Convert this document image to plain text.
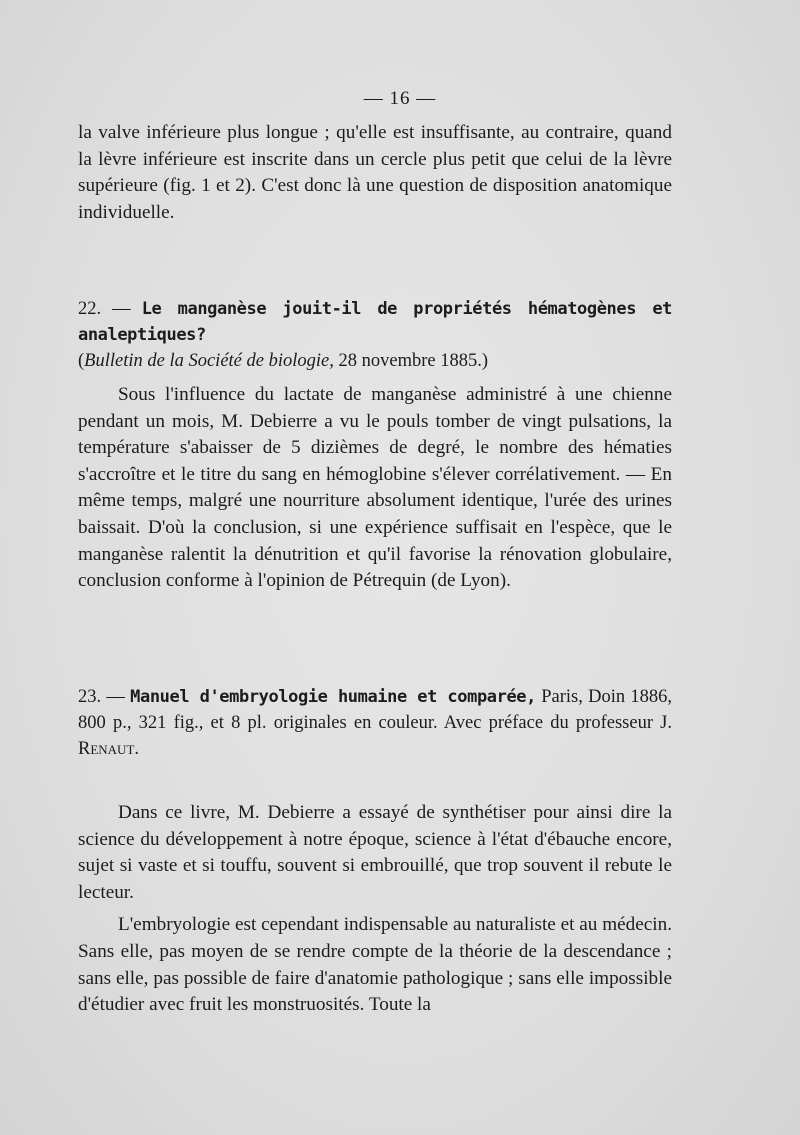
— 16 —

la valve inférieure plus longue ; qu'elle est insuffisante, au contraire, quand la lèvre inférieure est inscrite dans un cercle plus petit que celui de la lèvre supérieure (fig. 1 et 2). C'est donc là une question de disposition anatomique individuelle.

22. — Le manganèse jouit-il de propriétés hématogènes et analeptiques?

(Bulletin de la Société de biologie, 28 novembre 1885.)

Sous l'influence du lactate de manganèse administré à une chienne pendant un mois, M. Debierre a vu le pouls tomber de vingt pulsations, la température s'abaisser de 5 dizièmes de degré, le nombre des hématies s'accroître et le titre du sang en hémoglobine s'élever corrélativement. — En même temps, malgré une nourriture absolument identique, l'urée des urines baissait. D'où la conclusion, si une expérience suffisait en l'espèce, que le manganèse ralentit la dénutrition et qu'il favorise la rénovation globulaire, conclusion conforme à l'opinion de Pétrequin (de Lyon).

23. — Manuel d'embryologie humaine et comparée, Paris, Doin 1886, 800 p., 321 fig., et 8 pl. originales en couleur. Avec préface du professeur J. Renaut.

Dans ce livre, M. Debierre a essayé de synthétiser pour ainsi dire la science du développement à notre époque, science à l'état d'ébauche encore, sujet si vaste et si touffu, souvent si embrouillé, que trop souvent il rebute le lecteur.

L'embryologie est cependant indispensable au naturaliste et au médecin. Sans elle, pas moyen de se rendre compte de la théorie de la descendance ; sans elle, pas possible de faire d'anatomie pathologique ; sans elle impossible d'étudier avec fruit les monstruosités. Toute la
